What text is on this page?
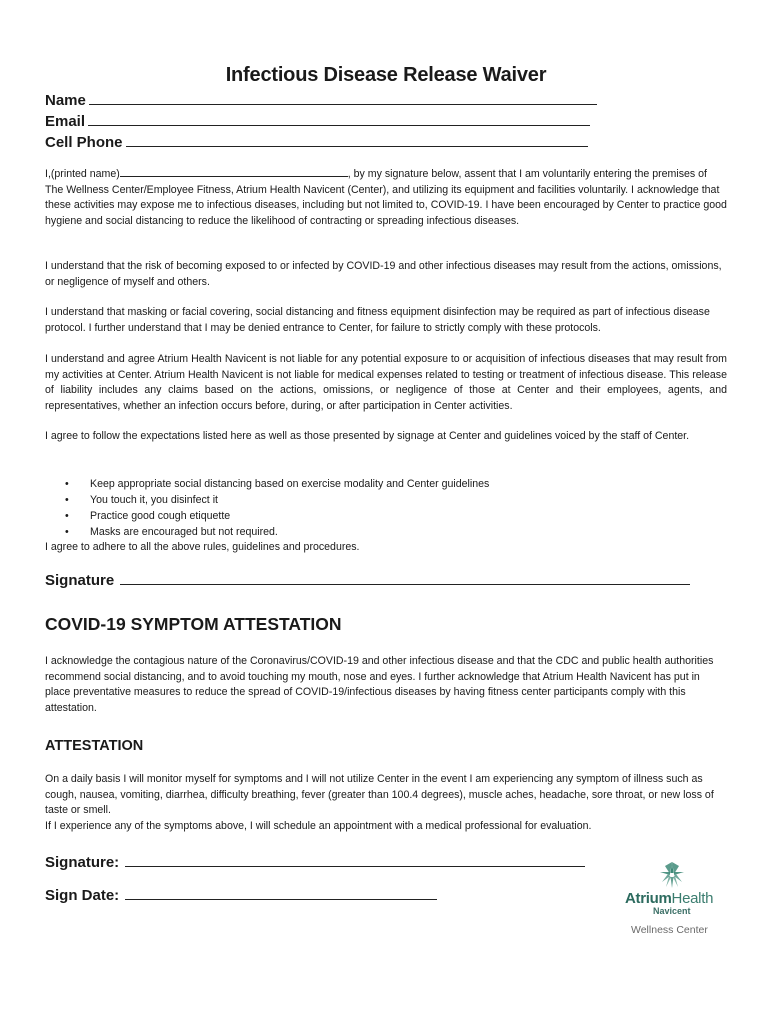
Infectious Disease Release Waiver
Name
Email
Cell Phone

I,(printed name)	, by my signature below, assent that I am voluntarily entering the premises of The Wellness Center/Employee Fitness, Atrium Health Navicent (Center), and utilizing its equipment and facilities voluntarily. I acknowledge that these activities may expose me to infectious diseases, including but not limited to, COVID-19. I have been encouraged by Center to practice good hygiene and social distancing to reduce the likelihood of contracting or spreading infectious diseases.

I understand that the risk of becoming exposed to or infected by COVID-19 and other infectious diseases may result from the actions, omissions, or negligence of myself and others.

I understand that masking or facial covering, social distancing and fitness equipment disinfection may be required as part of infectious disease protocol. I further understand that I may be denied entrance to Center, for failure to strictly comply with these protocols.

I understand and agree Atrium Health Navicent is not liable for any potential exposure to or acquisition of infectious diseases that may result from my activities at Center. Atrium Health Navicent is not liable for medical expenses related to testing or treatment of infectious disease. This release of liability includes any claims based on the actions, omissions, or negligence of those at Center and their employees, agents, and representatives, whether an infection occurs before, during, or after participation in Center activities.

I agree to follow the expectations listed here as well as those presented by signage at Center and guidelines voiced by the staff of Center.

• Keep appropriate social distancing based on exercise modality and Center guidelines
• You touch it, you disinfect it
• Practice good cough etiquette
• Masks are encouraged but not required.

I agree to adhere to all the above rules, guidelines and procedures.

Signature
COVID-19 SYMPTOM ATTESTATION

I acknowledge the contagious nature of the Coronavirus/COVID-19 and other infectious disease and that the CDC and public health authorities recommend social distancing, and to avoid touching my mouth, nose and eyes. I further acknowledge that Atrium Health Navicent has put in place preventative measures to reduce the spread of COVID-19/infectious diseases by having fitness center participants comply with this attestation.

ATTESTATION

On a daily basis I will monitor myself for symptoms and I will not utilize Center in the event I am experiencing any symptom of illness such as cough, nausea, vomiting, diarrhea, difficulty breathing, fever (greater than 100.4 degrees), muscle aches, headache, sore throat, or new loss of taste or smell.

If I experience any of the symptoms above, I will schedule an appointment with a medical professional for evaluation.

Signature:
Sign Date:	AtriumHealth
Navicent
Wellness Center
